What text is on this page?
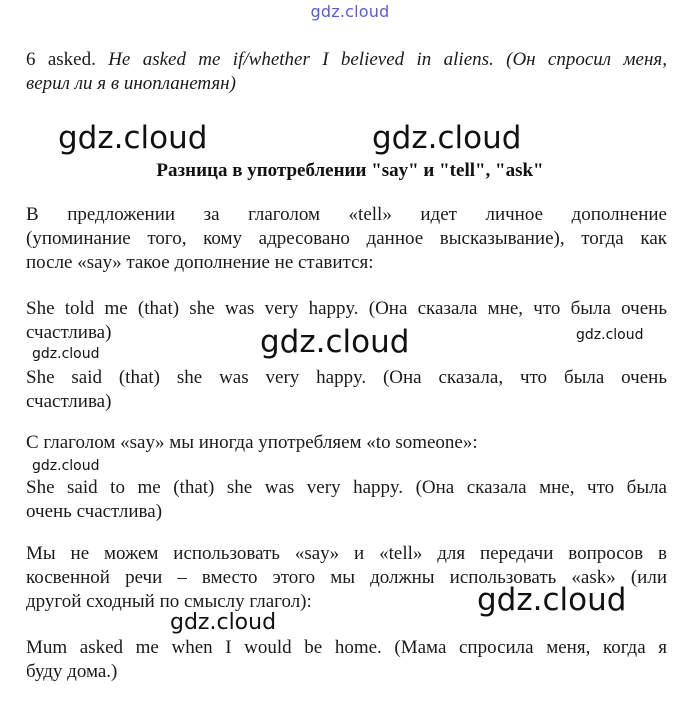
gdz.cloud
6 asked. He asked me if/whether I believed in aliens. (Он спросил меня,
верил ли я в инопланетян)
gdz.cloud	gdz.cloud
Разница в употреблении "say" и "tell", "ask"
В предложении за глаголом «tell» идет личное дополнение
(упоминание того, кому адресовано данное высказывание), тогда как
после «say» такое дополнение не ставится:
She told me (that) she was very happy. (Она сказала мне, что была очень
счастлива)
gdz.cloud	gdz.cloud	gdz.cloud
She said (that) she was very happy. (Она сказала, что была очень
счастлива)
С глаголом «say» мы иногда употребляем «to someone»:
gdz.cloud
She said to me (that) she was very happy. (Она сказала мне, что была
очень счастлива)
Мы не можем использовать «say» и «tell» для передачи вопросов в
косвенной речи – вместо этого мы должны использовать «ask» (или
другой сходный по смыслу глагол):	gdz.cloud
gdz.cloud
Mum asked me when I would be home. (Мама спросила меня, когда я
буду дома.)
